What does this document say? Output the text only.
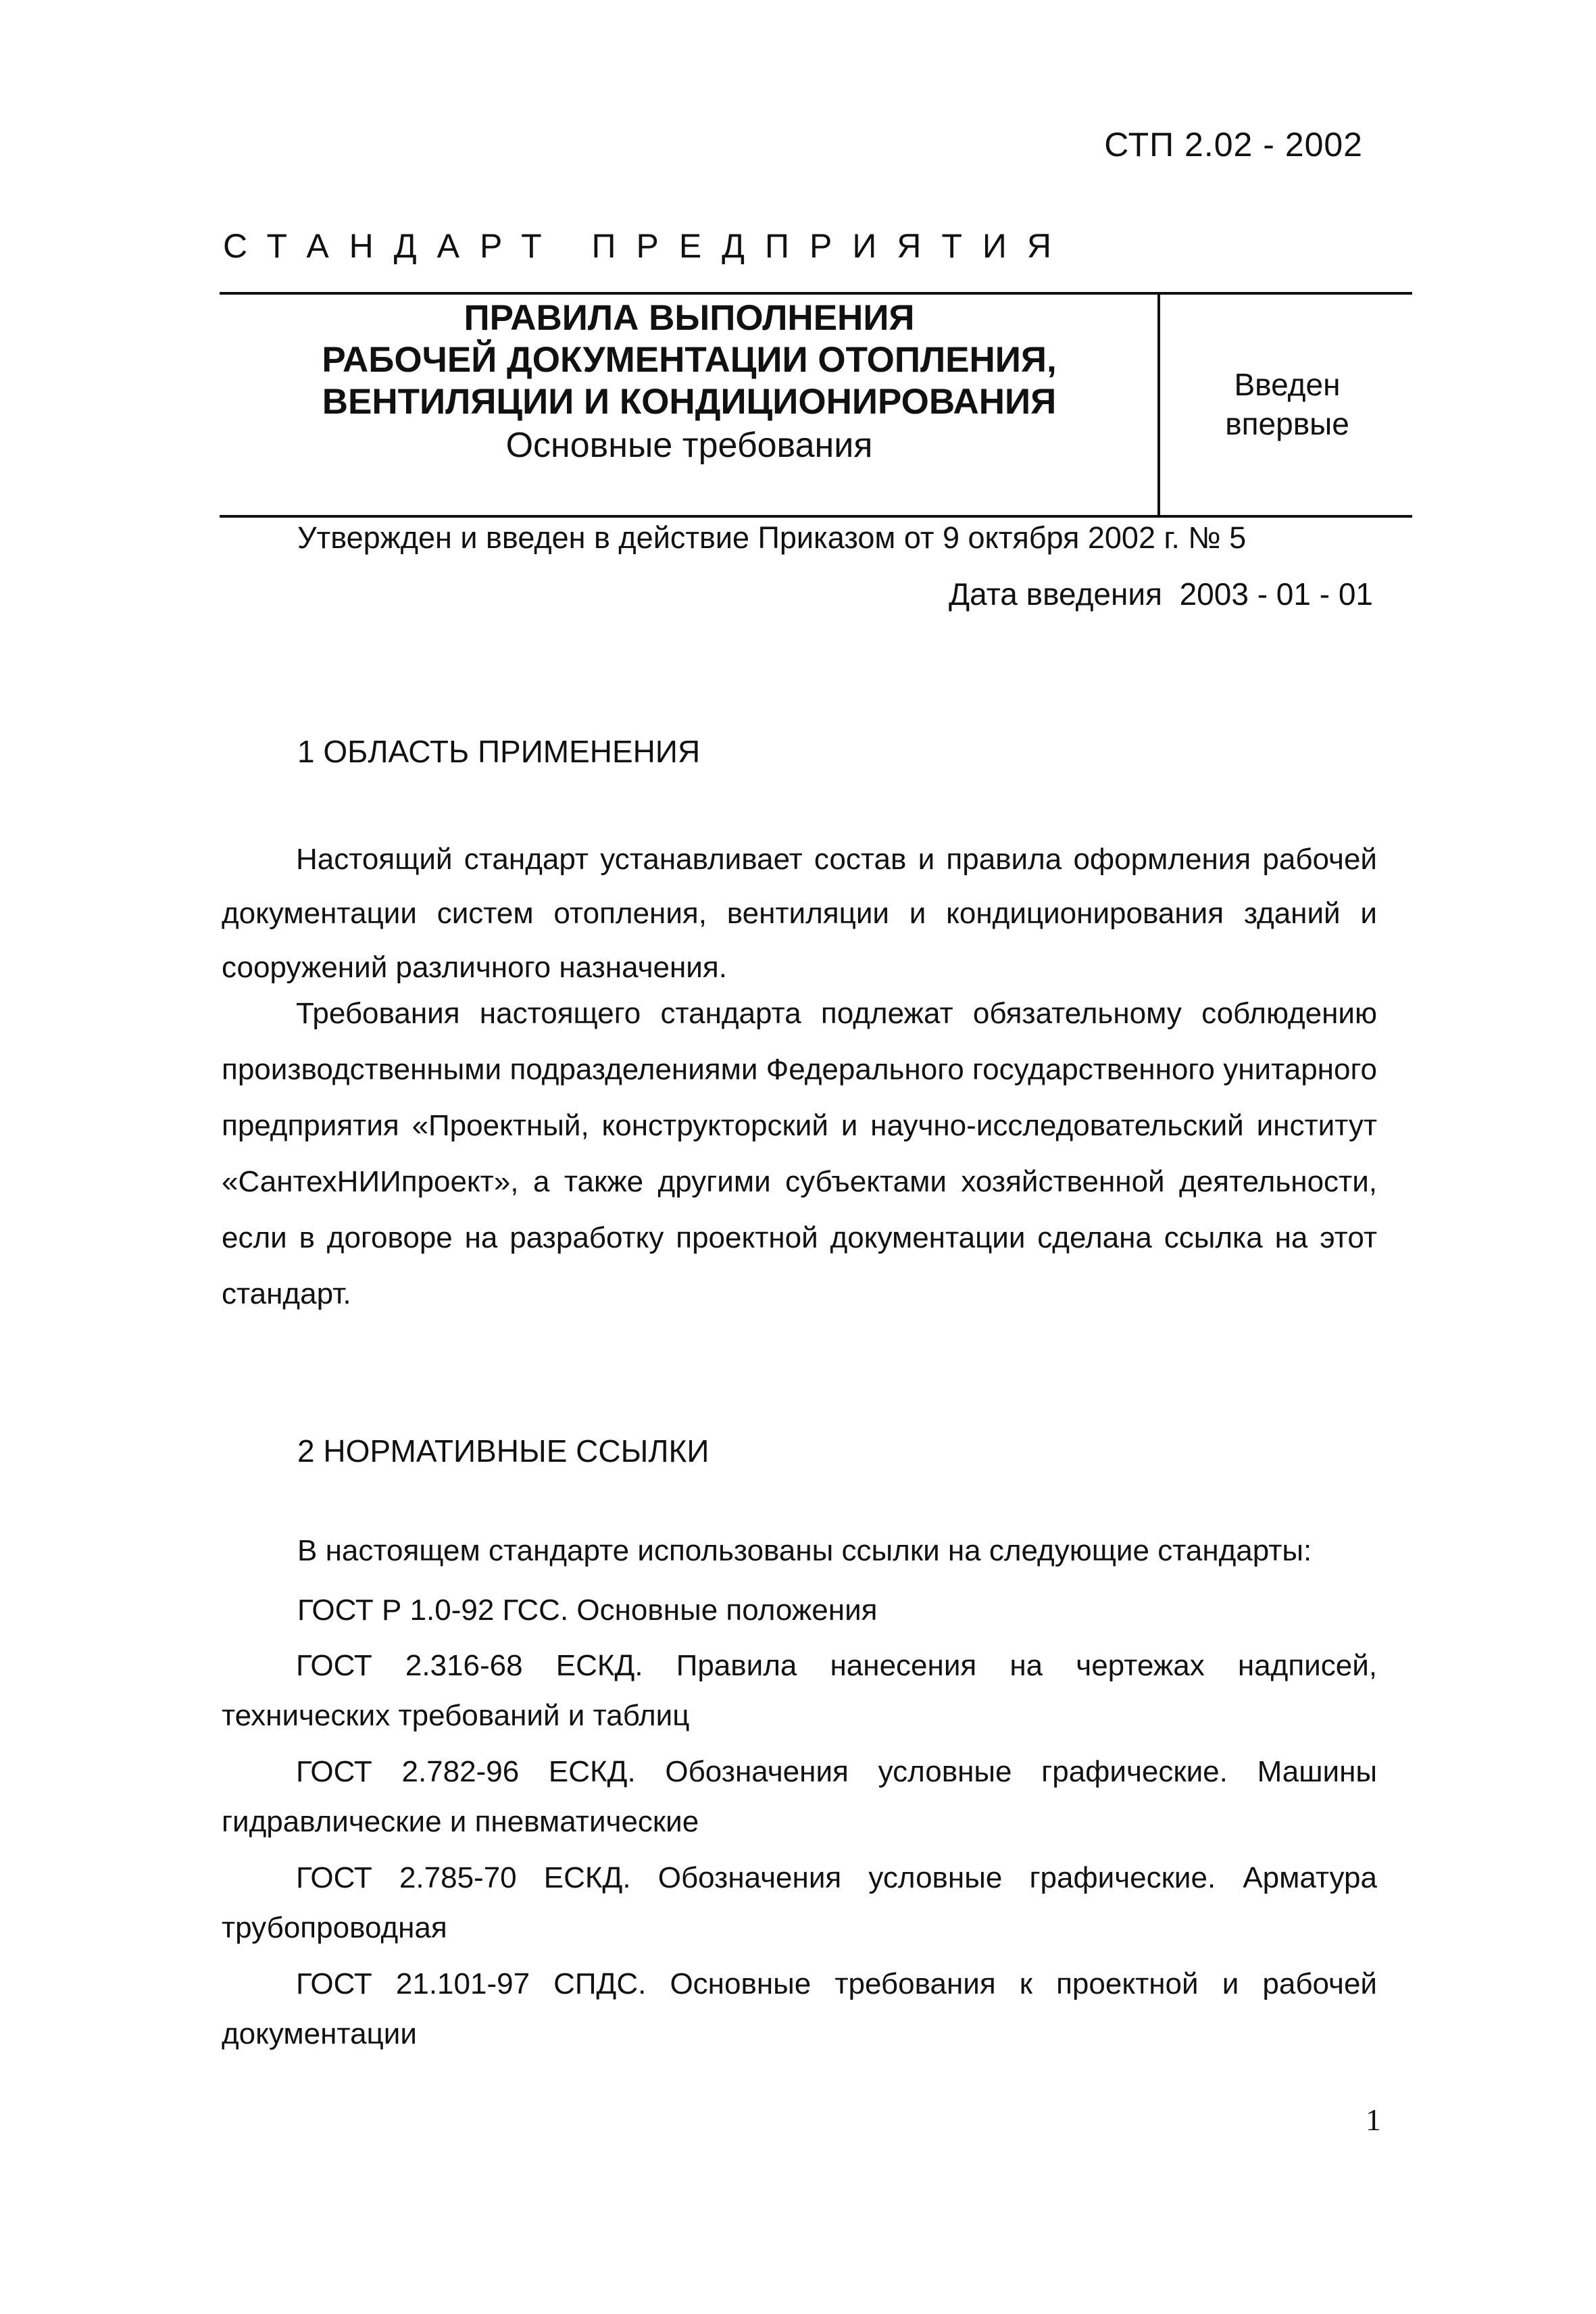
СТП 2.02 - 2002
СТАНДАРТ ПРЕДПРИЯТИЯ
ПРАВИЛА ВЫПОЛНЕНИЯ
РАБОЧЕЙ ДОКУМЕНТАЦИИ ОТОПЛЕНИЯ,
ВЕНТИЛЯЦИИ И КОНДИЦИОНИРОВАНИЯ
Основные требования
Введен
впервые
Утвержден и введен в действие Приказом от 9 октября 2002 г. № 5
Дата введения 2003 - 01 - 01
1 ОБЛАСТЬ ПРИМЕНЕНИЯ
Настоящий стандарт устанавливает состав и правила оформления рабочей документации систем отопления, вентиляции и кондиционирования зданий и сооружений различного назначения.
Требования настоящего стандарта подлежат обязательному соблюдению производственными подразделениями Федерального государственного унитарного предприятия «Проектный, конструкторский и научно-исследовательский институт «СантехНИИпроект», а также другими субъектами хозяйственной деятельности, если в договоре на разработку проектной документации сделана ссылка на этот стандарт.
2 НОРМАТИВНЫЕ ССЫЛКИ
В настоящем стандарте использованы ссылки на следующие стандарты:
ГОСТ Р 1.0-92 ГСС. Основные положения
ГОСТ 2.316-68 ЕСКД. Правила нанесения на чертежах надписей, технических требований и таблиц
ГОСТ 2.782-96 ЕСКД. Обозначения условные графические. Машины гидравлические и пневматические
ГОСТ 2.785-70 ЕСКД. Обозначения условные графические. Арматура трубопроводная
ГОСТ 21.101-97 СПДС. Основные требования к проектной и рабочей документации
1
